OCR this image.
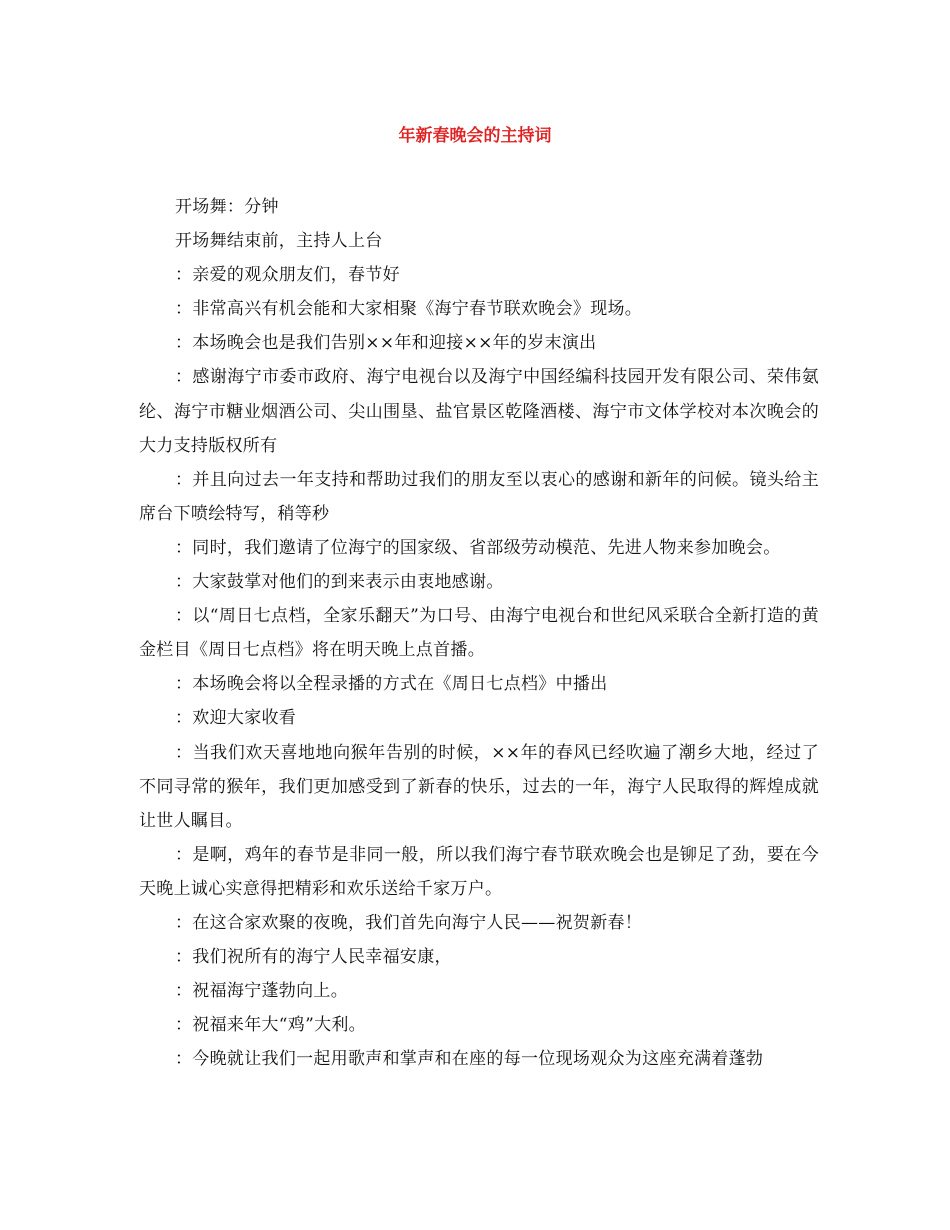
年新春晚会的主持词

开场舞：分钟

开场舞结束前，主持人上台

：亲爱的观众朋友们，春节好

：非常高兴有机会能和大家相聚《海宁春节联欢晚会》现场。

：本场晚会也是我们告别××年和迎接××年的岁末演出

：感谢海宁市委市政府、海宁电视台以及海宁中国经编科技园开发有限公司、荣伟氨纶、海宁市糖业烟酒公司、尖山围垦、盐官景区乾隆酒楼、海宁市文体学校对本次晚会的大力支持版权所有

：并且向过去一年支持和帮助过我们的朋友至以衷心的感谢和新年的问候。镜头给主席台下喷绘特写，稍等秒

：同时，我们邀请了位海宁的国家级、省部级劳动模范、先进人物来参加晚会。

：大家鼓掌对他们的到来表示由衷地感谢。

：以“周日七点档，全家乐翻天”为口号、由海宁电视台和世纪风采联合全新打造的黄金栏目《周日七点档》将在明天晚上点首播。

：本场晚会将以全程录播的方式在《周日七点档》中播出

：欢迎大家收看

：当我们欢天喜地地向猴年告别的时候，××年的春风已经吹遍了潮乡大地，经过了不同寻常的猴年，我们更加感受到了新春的快乐，过去的一年，海宁人民取得的辉煌成就让世人瞩目。

：是啊，鸡年的春节是非同一般，所以我们海宁春节联欢晚会也是铆足了劲，要在今天晚上诚心实意得把精彩和欢乐送给千家万户。

：在这合家欢聚的夜晚，我们首先向海宁人民——祝贺新春！

：我们祝所有的海宁人民幸福安康，

：祝福海宁蓬勃向上。

：祝福来年大“鸡”大利。

：今晚就让我们一起用歌声和掌声和在座的每一位现场观众为这座充满着蓬勃
